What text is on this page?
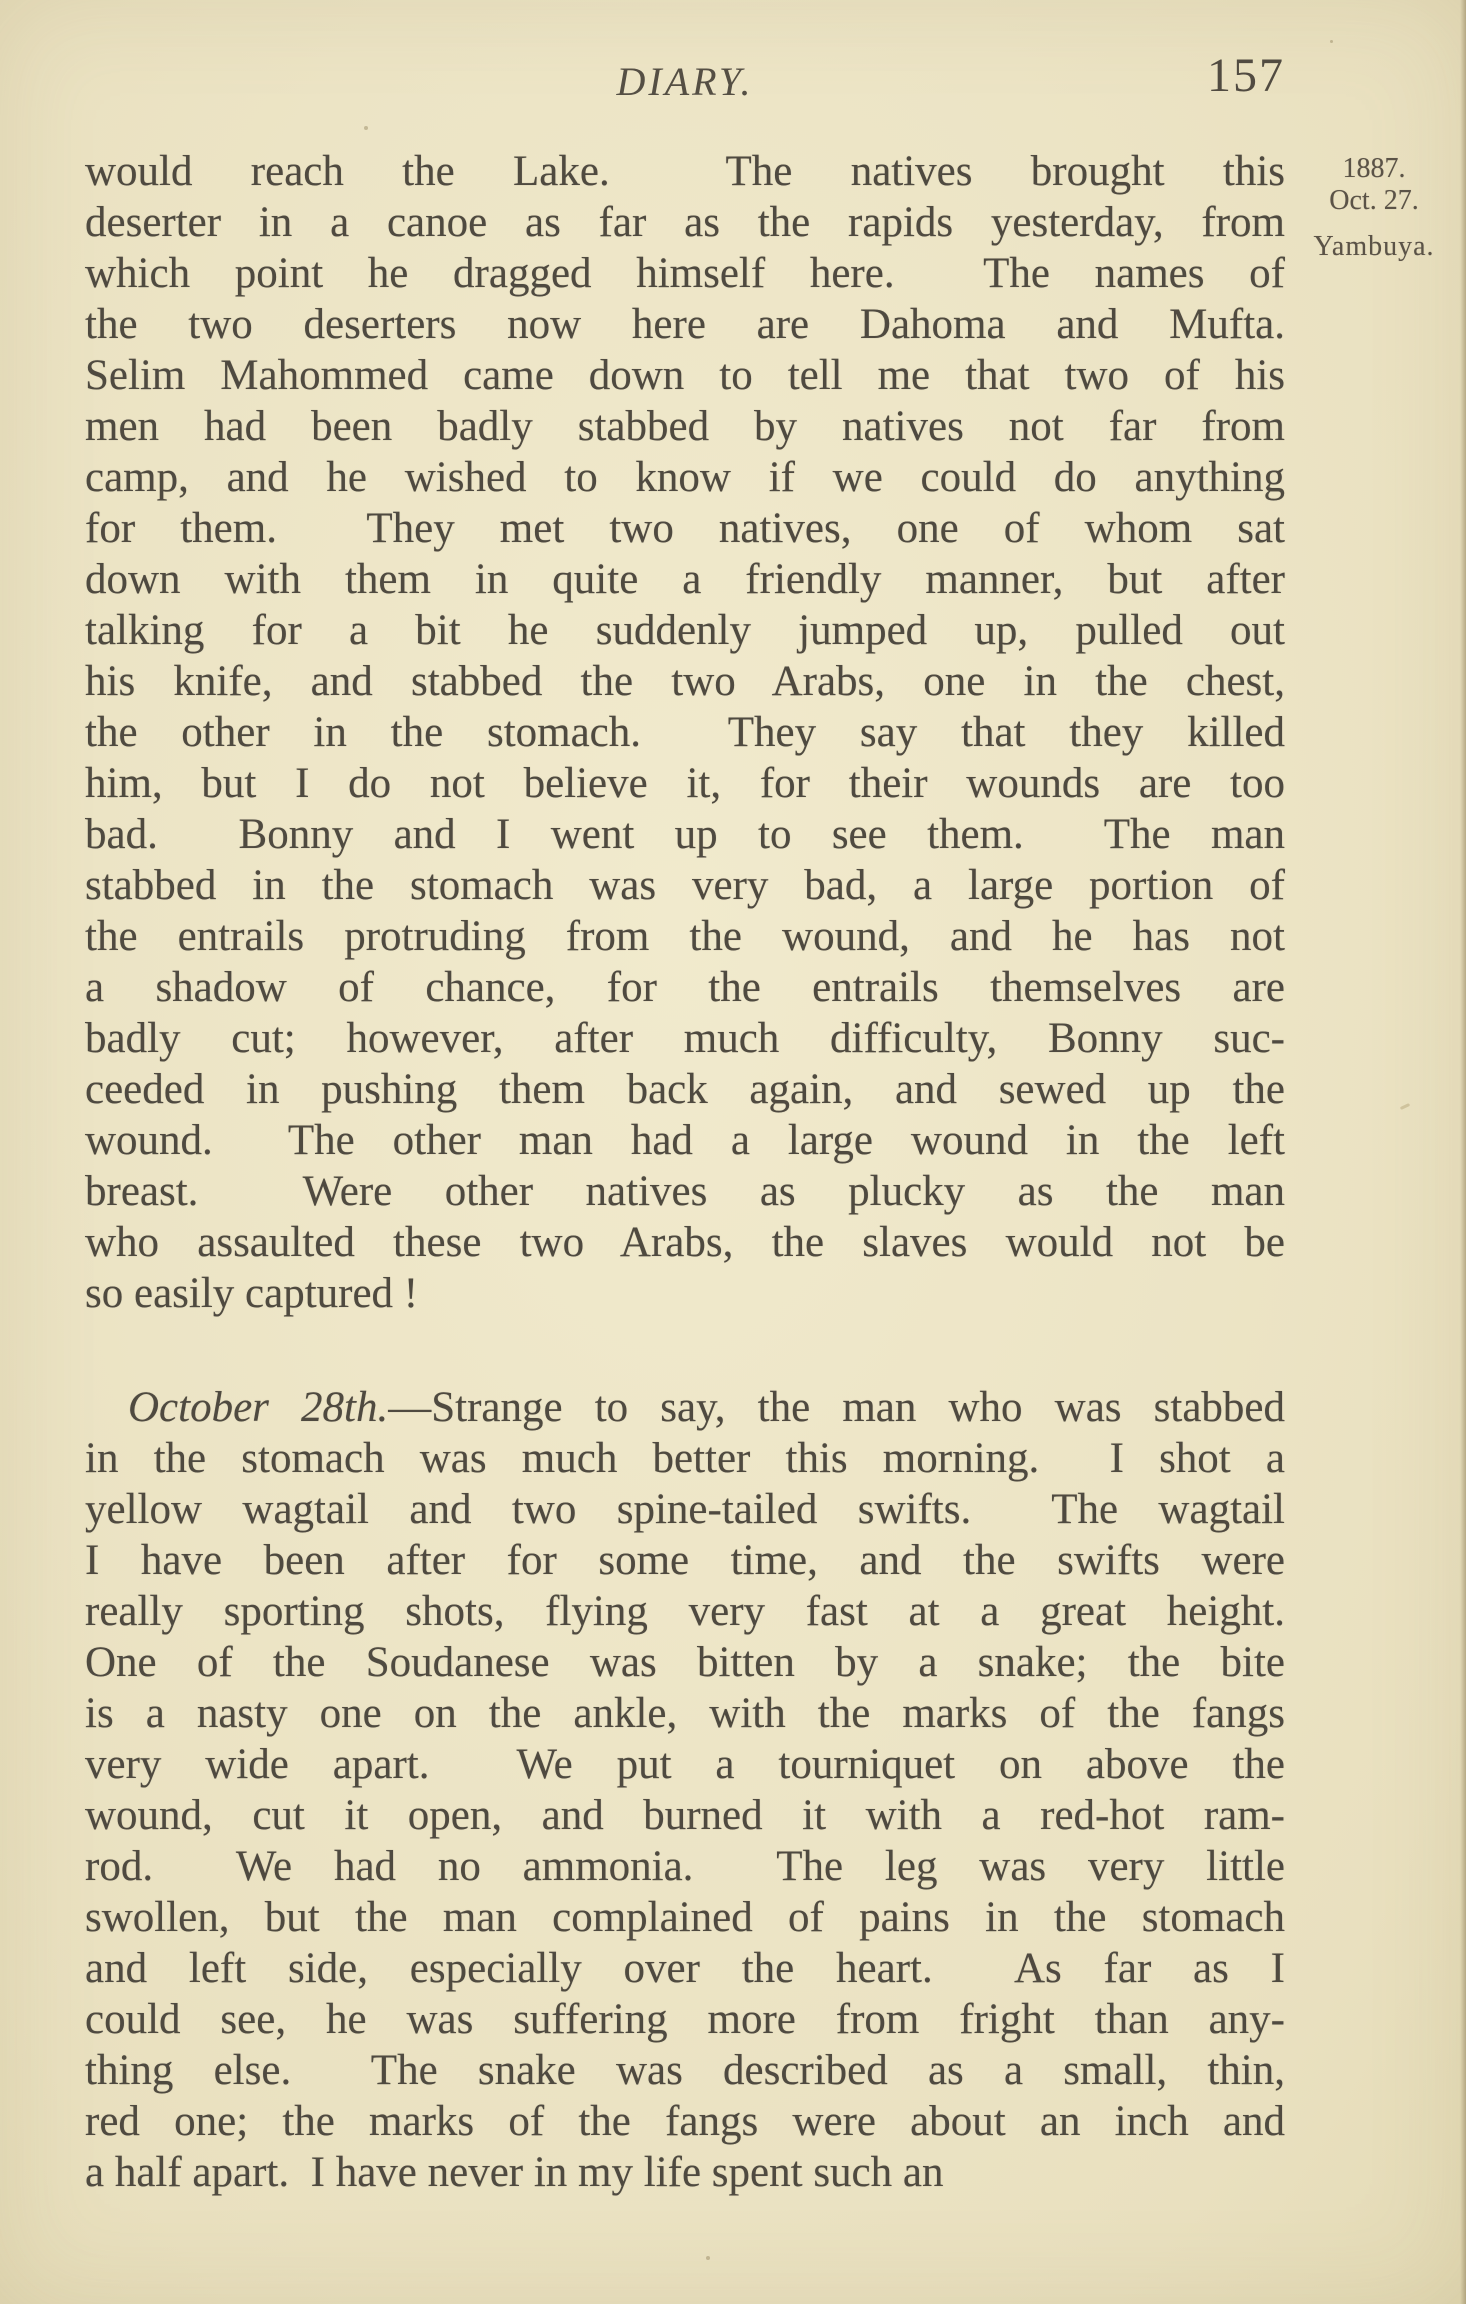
DIARY.	157
1887.
Oct. 27.
Yambuya.
would reach the Lake.  The natives brought this
deserter in a canoe as far as the rapids yesterday, from
which point he dragged himself here.  The names of
the two deserters now here are Dahoma and Mufta.
Selim Mahommed came down to tell me that two of his
men had been badly stabbed by natives not far from
camp, and he wished to know if we could do anything
for them.  They met two natives, one of whom sat
down with them in quite a friendly manner, but after
talking for a bit he suddenly jumped up, pulled out
his knife, and stabbed the two Arabs, one in the chest,
the other in the stomach.  They say that they killed
him, but I do not believe it, for their wounds are too
bad.  Bonny and I went up to see them.  The man
stabbed in the stomach was very bad, a large portion of
the entrails protruding from the wound, and he has not
a shadow of chance, for the entrails themselves are
badly cut; however, after much difficulty, Bonny suc-
ceeded in pushing them back again, and sewed up the
wound.  The other man had a large wound in the left
breast.  Were other natives as plucky as the man
who assaulted these two Arabs, the slaves would not be
so easily captured !
October 28th.—Strange to say, the man who was stabbed
in the stomach was much better this morning.  I shot a
yellow wagtail and two spine-tailed swifts.  The wagtail
I have been after for some time, and the swifts were
really sporting shots, flying very fast at a great height.
One of the Soudanese was bitten by a snake; the bite
is a nasty one on the ankle, with the marks of the fangs
very wide apart.  We put a tourniquet on above the
wound, cut it open, and burned it with a red-hot ram-
rod.  We had no ammonia.  The leg was very little
swollen, but the man complained of pains in the stomach
and left side, especially over the heart.  As far as I
could see, he was suffering more from fright than any-
thing else.  The snake was described as a small, thin,
red one; the marks of the fangs were about an inch and
a half apart.  I have never in my life spent such an
